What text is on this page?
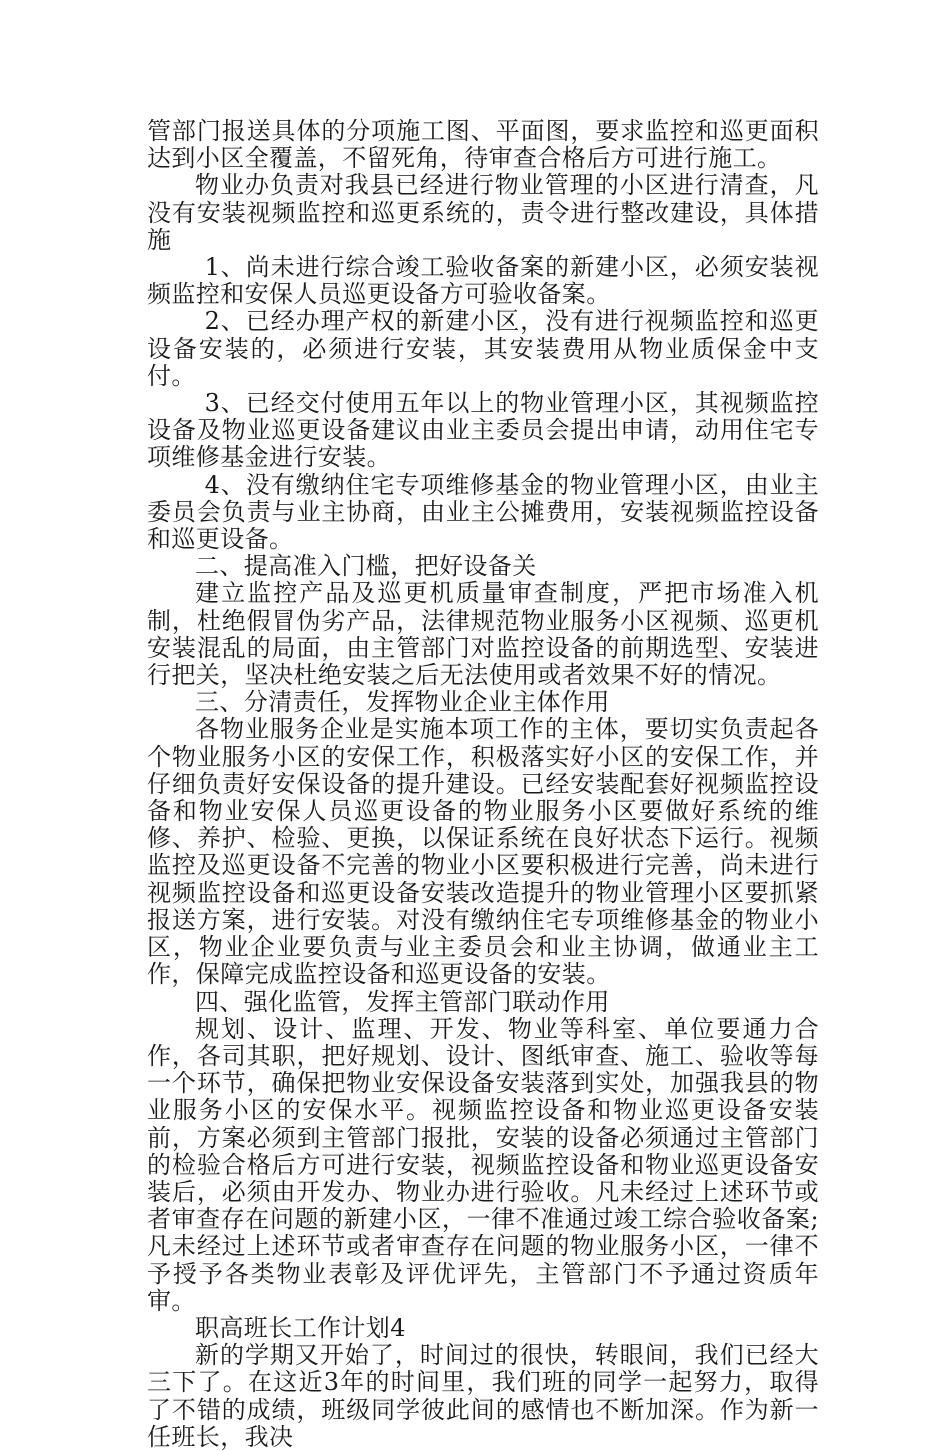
管部门报送具体的分项施工图、平面图，要求监控和巡更面积达到小区全覆盖，不留死角，待审查合格后方可进行施工。

物业办负责对我县已经进行物业管理的小区进行清查，凡没有安装视频监控和巡更系统的，责令进行整改建设，具体措施

1、尚未进行综合竣工验收备案的新建小区，必须安装视频监控和安保人员巡更设备方可验收备案。

2、已经办理产权的新建小区，没有进行视频监控和巡更设备安装的，必须进行安装，其安装费用从物业质保金中支付。

3、已经交付使用五年以上的物业管理小区，其视频监控设备及物业巡更设备建议由业主委员会提出申请，动用住宅专项维修基金进行安装。

4、没有缴纳住宅专项维修基金的物业管理小区，由业主委员会负责与业主协商，由业主公摊费用，安装视频监控设备和巡更设备。

二、提高准入门槛，把好设备关

建立监控产品及巡更机质量审查制度，严把市场准入机制，杜绝假冒伪劣产品，法律规范物业服务小区视频、巡更机安装混乱的局面，由主管部门对监控设备的前期选型、安装进行把关，坚决杜绝安装之后无法使用或者效果不好的情况。

三、分清责任，发挥物业企业主体作用

各物业服务企业是实施本项工作的主体，要切实负责起各个物业服务小区的安保工作，积极落实好小区的安保工作，并仔细负责好安保设备的提升建设。已经安装配套好视频监控设备和物业安保人员巡更设备的物业服务小区要做好系统的维修、养护、检验、更换，以保证系统在良好状态下运行。视频监控及巡更设备不完善的物业小区要积极进行完善，尚未进行视频监控设备和巡更设备安装改造提升的物业管理小区要抓紧报送方案，进行安装。对没有缴纳住宅专项维修基金的物业小区，物业企业要负责与业主委员会和业主协调，做通业主工作，保障完成监控设备和巡更设备的安装。

四、强化监管，发挥主管部门联动作用

规划、设计、监理、开发、物业等科室、单位要通力合作，各司其职，把好规划、设计、图纸审查、施工、验收等每一个环节，确保把物业安保设备安装落到实处，加强我县的物业服务小区的安保水平。视频监控设备和物业巡更设备安装前，方案必须到主管部门报批，安装的设备必须通过主管部门的检验合格后方可进行安装，视频监控设备和物业巡更设备安装后，必须由开发办、物业办进行验收。凡未经过上述环节或者审查存在问题的新建小区，一律不准通过竣工综合验收备案;凡未经过上述环节或者审查存在问题的物业服务小区，一律不予授予各类物业表彰及评优评先，主管部门不予通过资质年审。

职高班长工作计划4

新的学期又开始了，时间过的很快，转眼间，我们已经大三下了。在这近3年的时间里，我们班的同学一起努力，取得了不错的成绩，班级同学彼此间的感情也不断加深。作为新一任班长，我决
